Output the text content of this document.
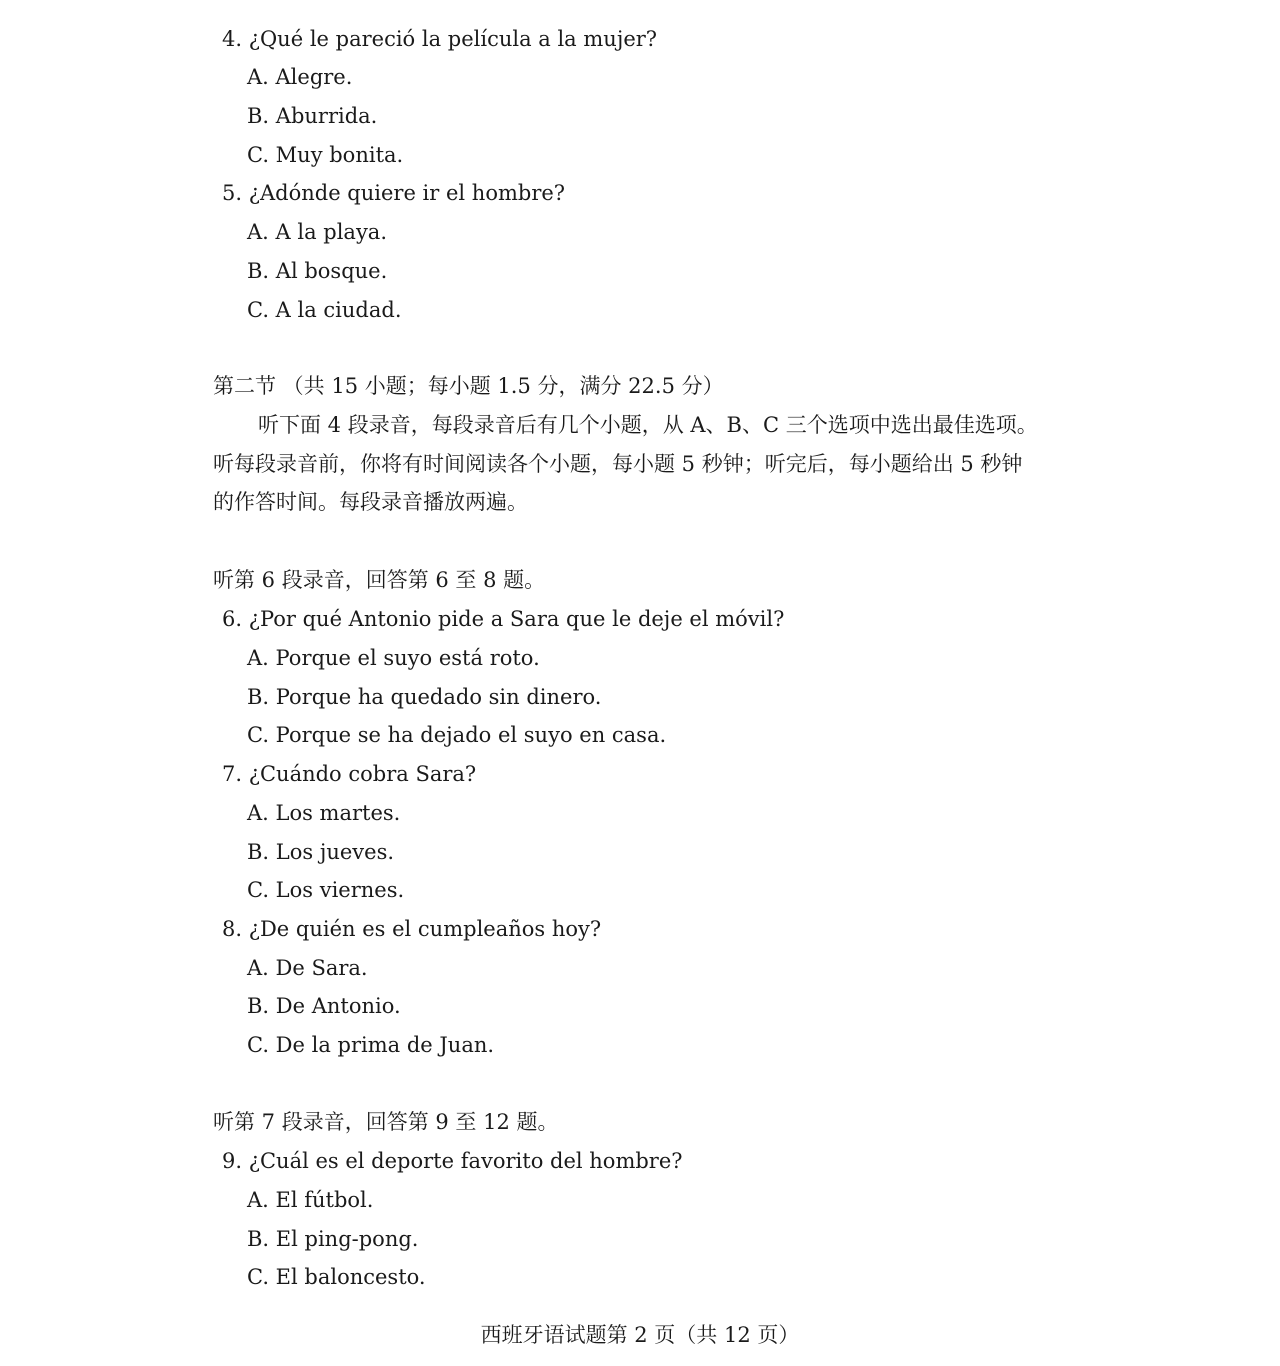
4. ¿Qué le pareció la película a la mujer?
A. Alegre.
B. Aburrida.
C. Muy bonita.
5. ¿Adónde quiere ir el hombre?
A. A la playa.
B. Al bosque.
C. A la ciudad.
第二节 （共 15 小题；每小题 1.5 分，满分 22.5 分）
听下面 4 段录音，每段录音后有几个小题，从 A、B、C 三个选项中选出最佳选项。
听每段录音前，你将有时间阅读各个小题，每小题 5 秒钟；听完后，每小题给出 5 秒钟
的作答时间。每段录音播放两遍。
听第 6 段录音，回答第 6 至 8 题。
6. ¿Por qué Antonio pide a Sara que le deje el móvil?
A. Porque el suyo está roto.
B. Porque ha quedado sin dinero.
C. Porque se ha dejado el suyo en casa.
7. ¿Cuándo cobra Sara?
A. Los martes.
B. Los jueves.
C. Los viernes.
8. ¿De quién es el cumpleaños hoy?
A. De Sara.
B. De Antonio.
C. De la prima de Juan.
听第 7 段录音，回答第 9 至 12 题。
9. ¿Cuál es el deporte favorito del hombre?
A. El fútbol.
B. El ping-pong.
C. El baloncesto.
西班牙语试题第 2 页（共 12 页）
